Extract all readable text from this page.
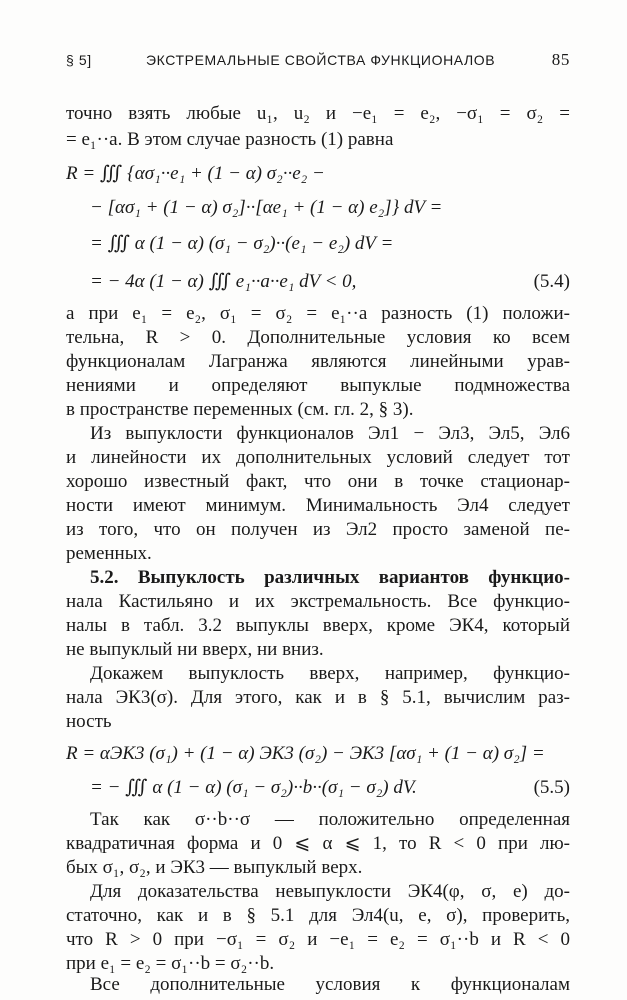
§ 5]	ЭКСТРЕМАЛЬНЫЕ СВОЙСТВА ФУНКЦИОНАЛОВ	85
точно взять любые u₁, u₂ и −e₁ = e₂, −σ₁ = σ₂ =
= e₁··a. В этом случае разность (1) равна
R = ∭ {ασ₁··e₁ + (1 − α) σ₂··e₂ −
− [ασ₁ + (1 − α) σ₂]··[αe₁ + (1 − α) e₂]} dV =
= ∭ α (1 − α) (σ₁ − σ₂)··(e₁ − e₂) dV =
= − 4α (1 − α) ∭ e₁··a··e₁ dV < 0,	(5.4)
а при e₁ = e₂, σ₁ = σ₂ = e₁··a разность (1) положи-
тельна, R > 0. Дополнительные условия ко всем
функционалам Лагранжа являются линейными урав-
нениями и определяют выпуклые подмножества
в пространстве переменных (см. гл. 2, § 3).
Из выпуклости функционалов Эл1 − Эл3, Эл5, Эл6
и линейности их дополнительных условий следует тот
хорошо известный факт, что они в точке стационар-
ности имеют минимум. Минимальность Эл4 следует
из того, что он получен из Эл2 просто заменой пе-
ременных.
5.2. Выпуклость различных вариантов функцио-
нала Кастильяно и их экстремальность. Все функцио-
налы в табл. 3.2 выпуклы вверх, кроме ЭК4, который
не выпуклый ни вверх, ни вниз.
Докажем выпуклость вверх, например, функцио-
нала ЭК3(σ). Для этого, как и в § 5.1, вычислим раз-
ность
R = αЭК3 (σ₁) + (1 − α) ЭК3 (σ₂) − ЭК3 [ασ₁ + (1 − α) σ₂] =
= − ∭ α (1 − α) (σ₁ − σ₂)··b··(σ₁ − σ₂) dV.	(5.5)
Так как σ··b··σ — положительно определенная
квадратичная форма и 0 ⩽ α ⩽ 1, то R < 0 при лю-
бых σ₁, σ₂, и ЭК3 — выпуклый верх.
Для доказательства невыпуклости ЭК4(φ, σ, e) до-
статочно, как и в § 5.1 для Эл4(u, e, σ), проверить,
что R > 0 при −σ₁ = σ₂ и −e₁ = e₂ = σ₁··b и R < 0
при e₁ = e₂ = σ₁··b = σ₂··b.
Все дополнительные условия к функционалам
